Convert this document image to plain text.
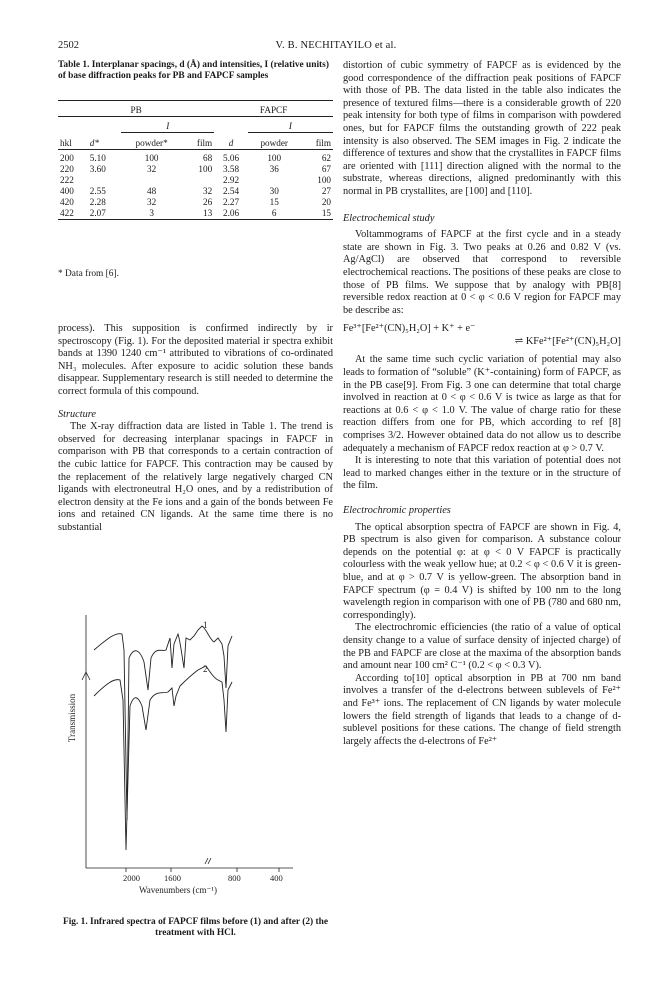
2502	V. B. NECHITAYILO et al.
Table 1. Interplanar spacings, d (Å) and intensities, I (relative units) of base diffraction peaks for PB and FAPCF samples
PB				FAPCF		
		I			I	
hkl	d*	powder*	film	d	powder	film
200	5.10	100	68	5.06	100	62
220	3.60	32	100	3.58	36	67
222				2.92		100
400	2.55	48	32	2.54	30	27
420	2.28	32	26	2.27	15	20
422	2.07	3	13	2.06	6	15
* Data from [6].

process). This supposition is confirmed indirectly by ir spectroscopy (Fig. 1). For the deposited material ir spectra exhibit bands at 1390 1240 cm⁻¹ attributed to vibrations of co-ordinated NH₃ molecules. After exposure to acidic solution these bands disappear. Supplementary research is still needed to determine the correct formula of this compound.

Structure

The X-ray diffraction data are listed in Table 1. The trend is observed for decreasing interplanar spacings in FAPCF in comparison with PB that corresponds to a certain contraction of the cubic lattice for FAPCF. This contraction may be caused by the replacement of the relatively large negatively charged CN ligands with electroneutral H₂O ones, and by a redistribution of electron density at the Fe ions and a gain of the bonds between Fe ions and retained CN ligands. At the same time there is no substantial

1
2
2000	1600	800	400
Wavenumbers (cm⁻¹)
Transmission
Fig. 1. Infrared spectra of FAPCF films before (1) and after (2) the treatment with HCl.

distortion of cubic symmetry of FAPCF as is evidenced by the good correspondence of the diffraction peak positions of FAPCF with those of PB. The data listed in the table also indicates the presence of textured films—there is a considerable growth of 220 peak intensity for both type of films in comparison with powdered ones, but for FAPCF films the outstanding growth of 222 peak intensity is also observed. The SEM images in Fig. 2 indicate the difference of textures and show that the crystallites in FAPCF films are oriented with [111] direction aligned with the normal to the substrate, whereas directions, aligned predominantly with this normal in PB crystallites, are [100] and [110].

Electrochemical study

Voltammograms of FAPCF at the first cycle and in a steady state are shown in Fig. 3. Two peaks at 0.26 and 0.82 V (vs. Ag/AgCl) are observed that correspond to reversible electrochemical reactions. The positions of these peaks are close to those of PB films. We suppose that by analogy with PB[8] reversible redox reaction at 0 < φ < 0.6 V region for FAPCF may be describe as:

Fe³⁺[Fe²⁺(CN)₅H₂O] + K⁺ + e⁻

⇌ KFe²⁺[Fe²⁺(CN)₅H₂O]

At the same time such cyclic variation of potential may also leads to formation of “soluble” (K⁺-containing) form of FAPCF, as in the PB case[9]. From Fig. 3 one can determine that total charge involved in reaction at 0 < φ < 0.6 V is twice as large as that for reactions at 0.6 < φ < 1.0 V. The value of charge ratio for these reaction differs from one for PB, which according to ref [8] comprises 3/2. However obtained data do not allow us to describe adequately a mechanism of FAPCF redox reaction at φ > 0.7 V.

It is interesting to note that this variation of potential does not lead to marked changes either in the texture or in the structure of the film.

Electrochromic properties

The optical absorption spectra of FAPCF are shown in Fig. 4, PB spectrum is also given for comparison. A substance colour depends on the potential φ: at φ < 0 V FAPCF is practically colourless with the weak yellow hue; at 0.2 < φ < 0.6 V it is green-blue, and at φ > 0.7 V is yellow-green. The absorption band in FAPCF spectrum (φ = 0.4 V) is shifted by 100 nm to the long wavelength region in comparison with one of PB (780 and 680 nm, correspondingly).

The electrochromic efficiencies (the ratio of a value of optical density change to a value of surface density of injected charge) of the PB and FAPCF are close at the maxima of the absorption bands and amount near 100 cm² C⁻¹ (0.2 < φ < 0.3 V).

According to[10] optical absorption in PB at 700 nm band involves a transfer of the d-electrons between sublevels of Fe²⁺ and Fe³⁺ ions. The replacement of CN ligands by water molecule lowers the field strength of ligands that leads to a change of d-sublevel positions for these cations. The change of field strength largely affects the d-electrons of Fe²⁺
